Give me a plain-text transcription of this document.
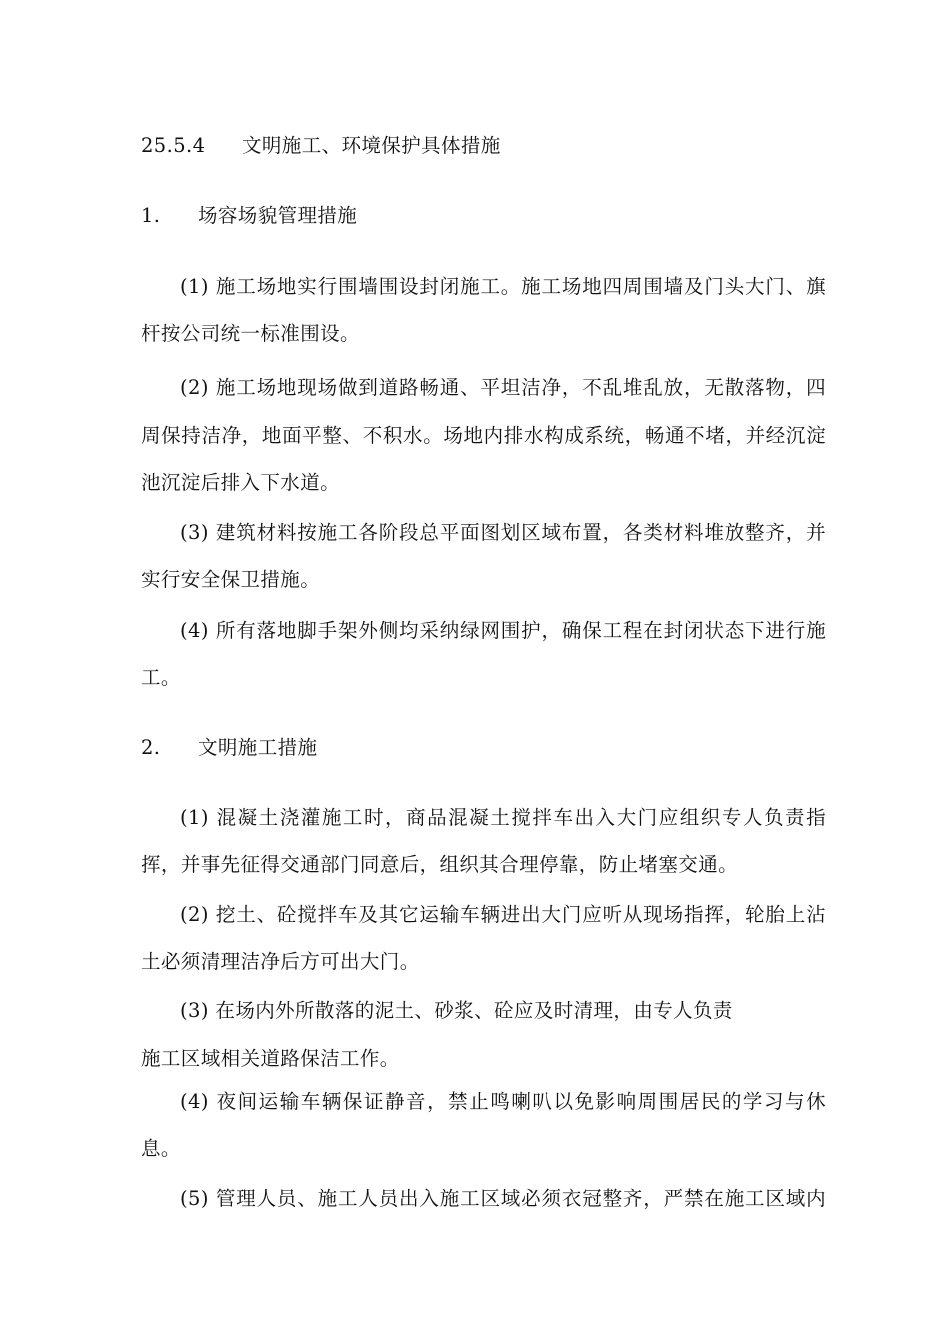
25.5.4 文明施工、环境保护具体措施
1. 场容场貌管理措施
(1) 施工场地实行围墙围设封闭施工。施工场地四周围墙及门头大门、旗
杆按公司统一标准围设。
(2) 施工场地现场做到道路畅通、平坦洁净，不乱堆乱放，无散落物，四
周保持洁净，地面平整、不积水。场地内排水构成系统，畅通不堵，并经沉淀
池沉淀后排入下水道。
(3) 建筑材料按施工各阶段总平面图划区域布置，各类材料堆放整齐，并
实行安全保卫措施。
(4) 所有落地脚手架外侧均采纳绿网围护，确保工程在封闭状态下进行施
工。
2. 文明施工措施
(1) 混凝土浇灌施工时，商品混凝土搅拌车出入大门应组织专人负责指
挥，并事先征得交通部门同意后，组织其合理停靠，防止堵塞交通。
(2) 挖土、砼搅拌车及其它运输车辆进出大门应听从现场指挥，轮胎上沾
土必须清理洁净后方可出大门。
(3) 在场内外所散落的泥土、砂浆、砼应及时清理，由专人负责
施工区域相关道路保洁工作。
(4) 夜间运输车辆保证静音，禁止鸣喇叭以免影响周围居民的学习与休
息。
(5) 管理人员、施工人员出入施工区域必须衣冠整齐，严禁在施工区域内
